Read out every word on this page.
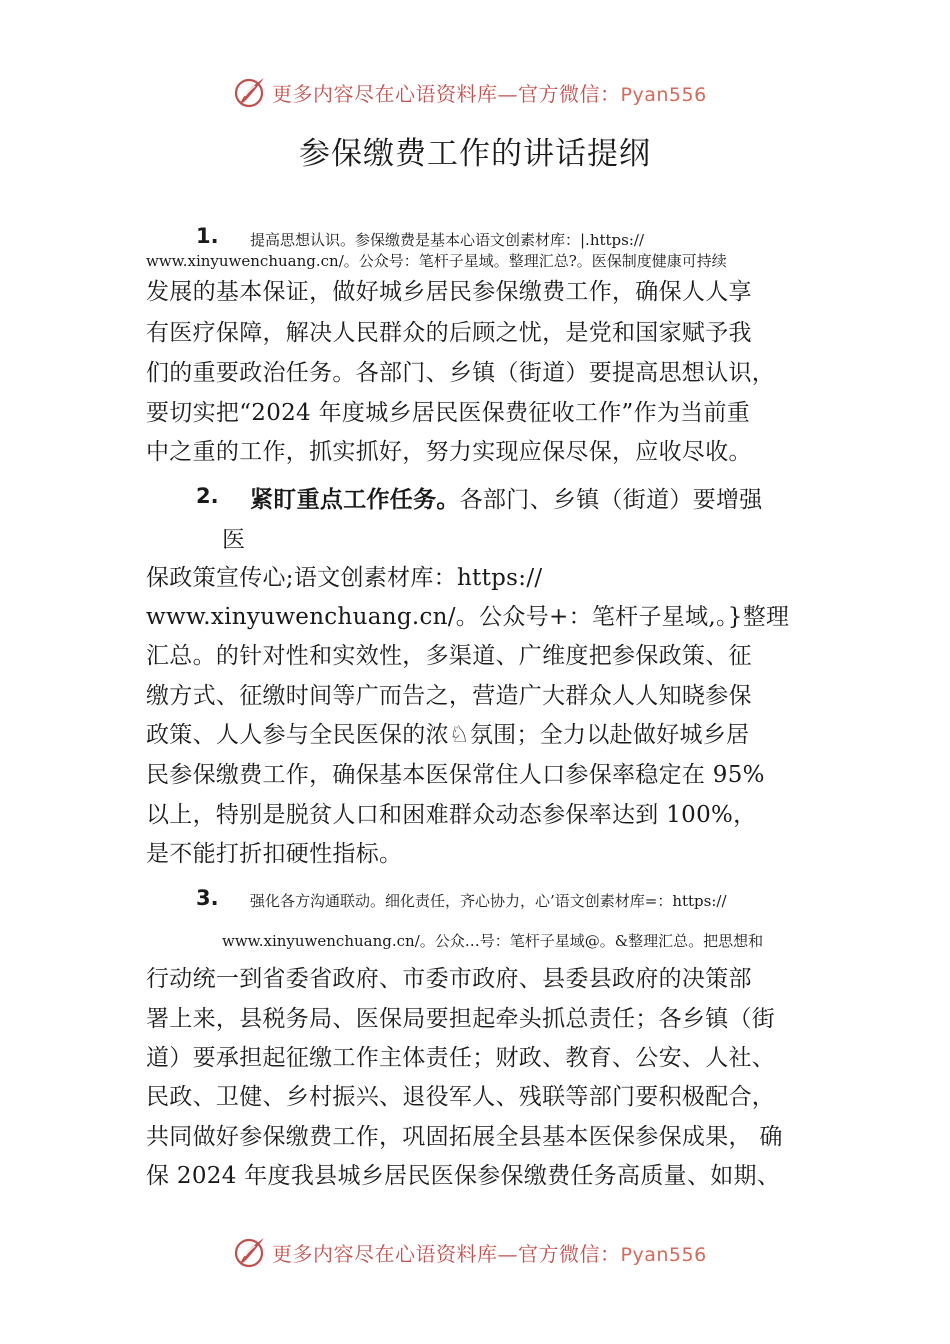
更多内容尽在心语资料库—官方微信：Pyan556
参保缴费工作的讲话提纲
1. 提高思想认识。参保缴费是基本心语文创素材库：|.https://
www.xinyuwenchuang.cn/。公众号：笔杆子星域。整理汇总?。医保制度健康可持续
发展的基本保证，做好城乡居民参保缴费工作，确保人人享
有医疗保障，解决人民群众的后顾之忧，是党和国家赋予我
们的重要政治任务。各部门、乡镇（街道）要提高思想认识，
要切实把“2024 年度城乡居民医保费征收工作”作为当前重
中之重的工作，抓实抓好，努力实现应保尽保，应收尽收。
2. 紧盯重点工作任务。各部门、乡镇（街道）要增强
医
保政策宣传心;语文创素材库：https://
www.xinyuwenchuang.cn/。公众号+：笔杆子星域,。}整理
汇总。的针对性和实效性，多渠道、广维度把参保政策、征
缴方式、征缴时间等广而告之，营造广大群众人人知晓参保
政策、人人参与全民医保的浓♘氛围；全力以赴做好城乡居
民参保缴费工作，确保基本医保常住人口参保率稳定在 95%
以上，特别是脱贫人口和困难群众动态参保率达到 100%，
是不能打折扣硬性指标。
3. 强化各方沟通联动。细化责任，齐心协力，心’语文创素材库=：https://
www.xinyuwenchuang.cn/。公众…号：笔杆子星域@。&整理汇总。把思想和
行动统一到省委省政府、市委市政府、县委县政府的决策部
署上来，县税务局、医保局要担起牵头抓总责任；各乡镇（街
道）要承担起征缴工作主体责任；财政、教育、公安、人社、
民政、卫健、乡村振兴、退役军人、残联等部门要积极配合，
共同做好参保缴费工作，巩固拓展全县基本医保参保成果， 确
保 2024 年度我县城乡居民医保参保缴费任务高质量、如期、
更多内容尽在心语资料库—官方微信：Pyan556
